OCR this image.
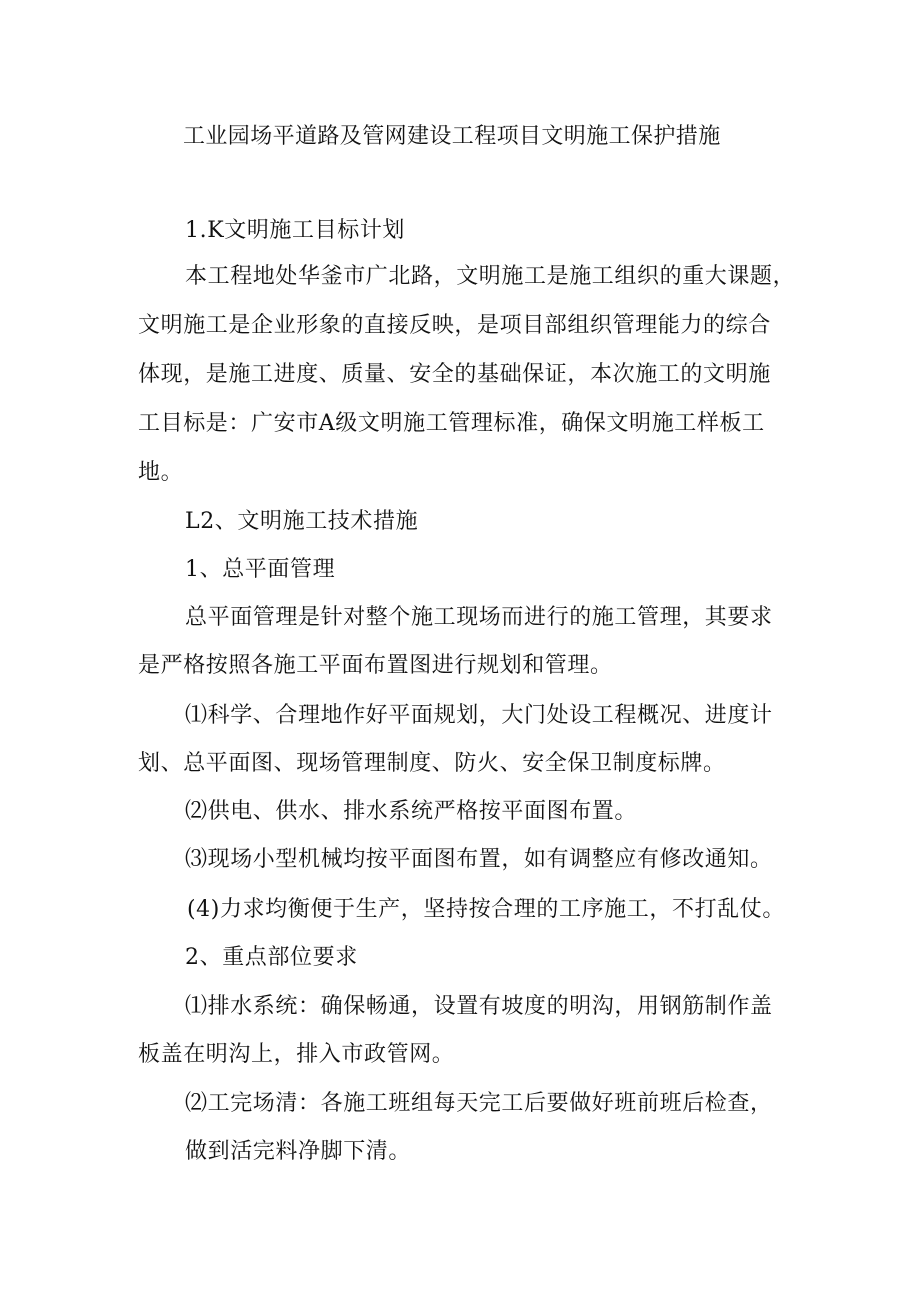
工业园场平道路及管网建设工程项目文明施工保护措施
1.K文明施工目标计划
本工程地处华釜市广北路，文明施工是施工组织的重大课题，
文明施工是企业形象的直接反映，是项目部组织管理能力的综合
体现，是施工进度、质量、安全的基础保证，本次施工的文明施
工目标是：广安市A级文明施工管理标准，确保文明施工样板工
地。
L2、文明施工技术措施
1、总平面管理
总平面管理是针对整个施工现场而进行的施工管理，其要求
是严格按照各施工平面布置图进行规划和管理。
⑴科学、合理地作好平面规划，大门处设工程概况、进度计
划、总平面图、现场管理制度、防火、安全保卫制度标牌。
⑵供电、供水、排水系统严格按平面图布置。
⑶现场小型机械均按平面图布置，如有调整应有修改通知。
(4)力求均衡便于生产，坚持按合理的工序施工，不打乱仗。
2、重点部位要求
⑴排水系统：确保畅通，设置有坡度的明沟，用钢筋制作盖
板盖在明沟上，排入市政管网。
⑵工完场清：各施工班组每天完工后要做好班前班后检查，
做到活完料净脚下清。
